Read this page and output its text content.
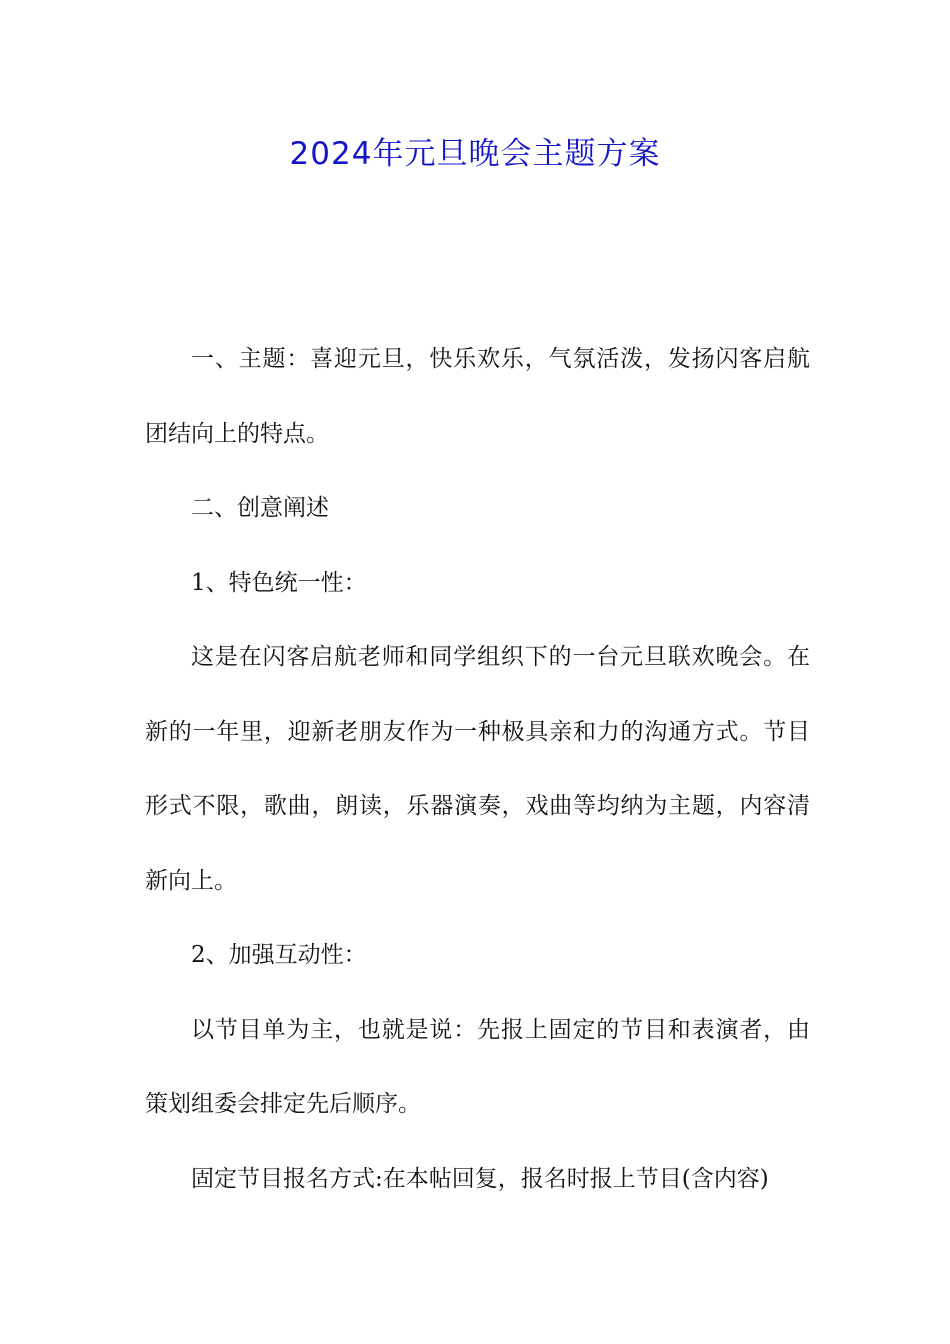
2024年元旦晚会主题方案

一、主题：喜迎元旦，快乐欢乐，气氛活泼，发扬闪客启航团结向上的特点。

二、创意阐述

1、特色统一性：

这是在闪客启航老师和同学组织下的一台元旦联欢晚会。在新的一年里，迎新老朋友作为一种极具亲和力的沟通方式。节目形式不限，歌曲，朗读，乐器演奏，戏曲等均纳为主题，内容清新向上。

2、加强互动性：

以节目单为主，也就是说：先报上固定的节目和表演者，由策划组委会排定先后顺序。

固定节目报名方式:在本帖回复，报名时报上节目(含内容)
